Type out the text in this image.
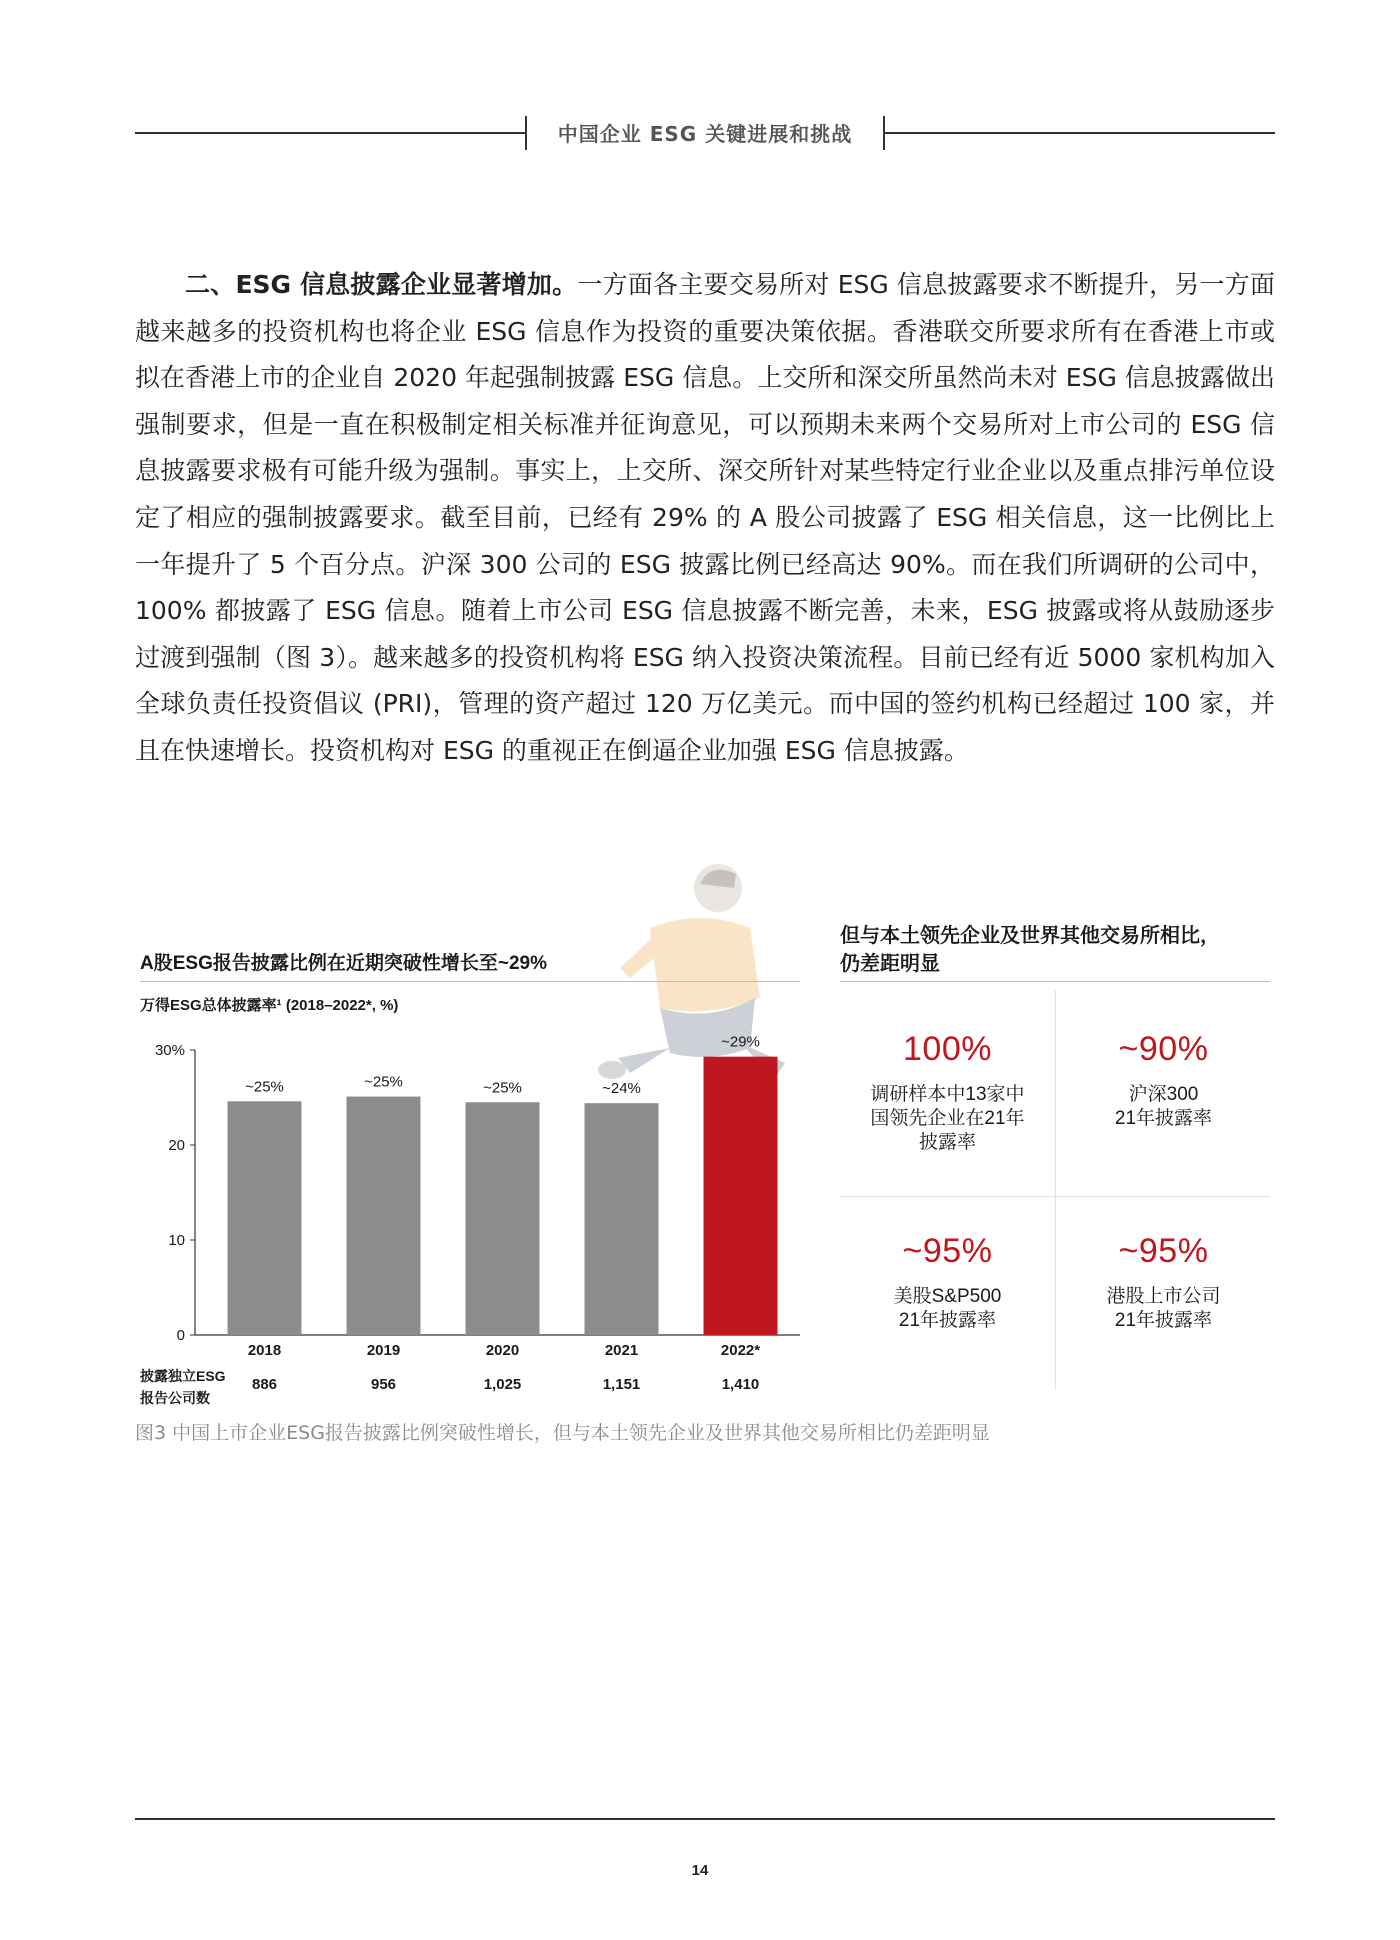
中国企业 ESG 关键进展和挑战
二、ESG 信息披露企业显著增加。一方面各主要交易所对 ESG 信息披露要求不断提升，另一方面越来越多的投资机构也将企业 ESG 信息作为投资的重要决策依据。香港联交所要求所有在香港上市或拟在香港上市的企业自 2020 年起强制披露 ESG 信息。上交所和深交所虽然尚未对 ESG 信息披露做出强制要求，但是一直在积极制定相关标准并征询意见，可以预期未来两个交易所对上市公司的 ESG 信息披露要求极有可能升级为强制。事实上，上交所、深交所针对某些特定行业企业以及重点排污单位设定了相应的强制披露要求。截至目前，已经有 29% 的 A 股公司披露了 ESG 相关信息，这一比例比上一年提升了 5 个百分点。沪深 300 公司的 ESG 披露比例已经高达 90%。而在我们所调研的公司中，100% 都披露了 ESG 信息。随着上市公司 ESG 信息披露不断完善，未来，ESG 披露或将从鼓励逐步过渡到强制（图 3）。越来越多的投资机构将 ESG 纳入投资决策流程。目前已经有近 5000 家机构加入全球负责任投资倡议 (PRI)，管理的资产超过 120 万亿美元。而中国的签约机构已经超过 100 家，并且在快速增长。投资机构对 ESG 的重视正在倒逼企业加强 ESG 信息披露。
A股ESG报告披露比例在近期突破性增长至~29%
万得ESG总体披露率¹ (2018–2022*, %)
0
10
20
30%
~25%
2018
886
~25%
2019
956
~25%
2020
1,025
~24%
2021
1,151
~29%
2022*
1,410
披露独立ESG
报告公司数
但与本土领先企业及世界其他交易所相比，
仍差距明显
100%
调研样本中13家中
国领先企业在21年
披露率
~90%
沪深300
21年披露率
~95%
美股S&P500
21年披露率
~95%
港股上市公司
21年披露率
图3 中国上市企业ESG报告披露比例突破性增长，但与本土领先企业及世界其他交易所相比仍差距明显
14
